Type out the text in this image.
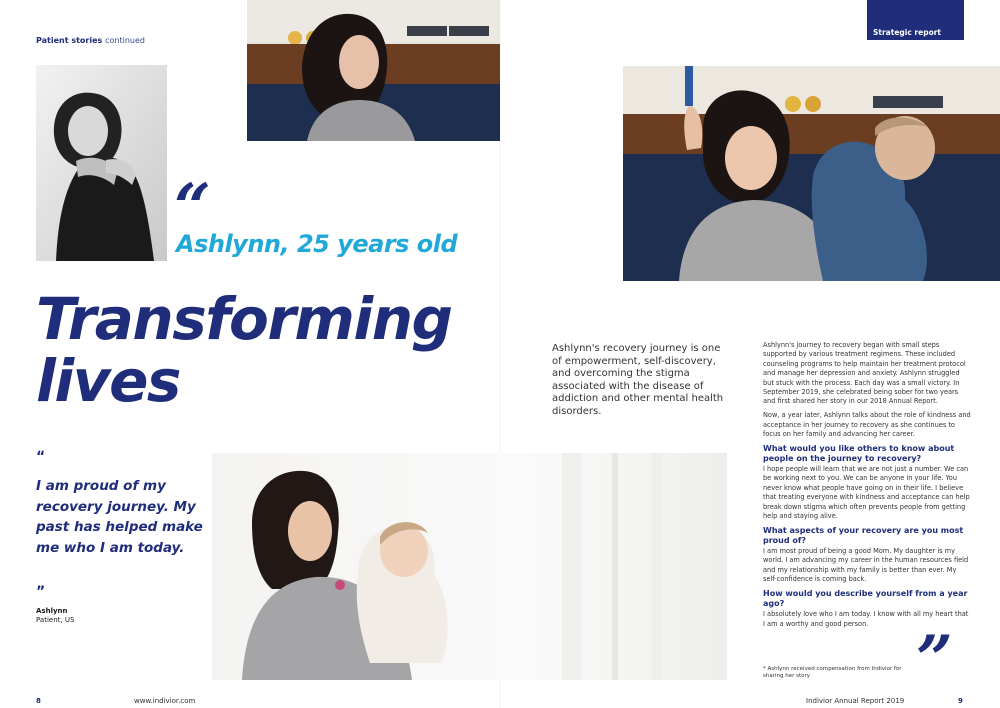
Patient stories continued
Strategic report
“
Ashlynn, 25 years old
Transforming lives
“
I am proud of my recovery journey. My past has helped make me who I am today.
”
Ashlynn
Patient, US
Ashlynn's recovery journey is one of empowerment, self-discovery, and overcoming the stigma associated with the disease of addiction and other mental health disorders.

Ashlynn's journey to recovery began with small steps supported by various treatment regimens. These included counseling programs to help maintain her treatment protocol and manage her depression and anxiety. Ashlynn struggled but stuck with the process. Each day was a small victory. In September 2019, she celebrated being sober for two years and first shared her story in our 2018 Annual Report.

Now, a year later, Ashlynn talks about the role of kindness and acceptance in her journey to recovery as she continues to focus on her family and advancing her career.

What would you like others to know about people on the journey to recovery?

I hope people will learn that we are not just a number. We can be working next to you. We can be anyone in your life. You never know what people have going on in their life. I believe that treating everyone with kindness and acceptance can help break down stigma which often prevents people from getting help and staying alive.

What aspects of your recovery are you most proud of?

I am most proud of being a good Mom. My daughter is my world. I am advancing my career in the human resources field and my relationship with my family is better than ever. My self-confidence is coming back.

How would you describe yourself from a year ago?

I absolutely love who I am today. I know with all my heart that I am a worthy and good person.

* Ashlynn received compensation from Indivior for sharing her story	”
8	www.indivior.com	Indivior Annual Report 2019	9
